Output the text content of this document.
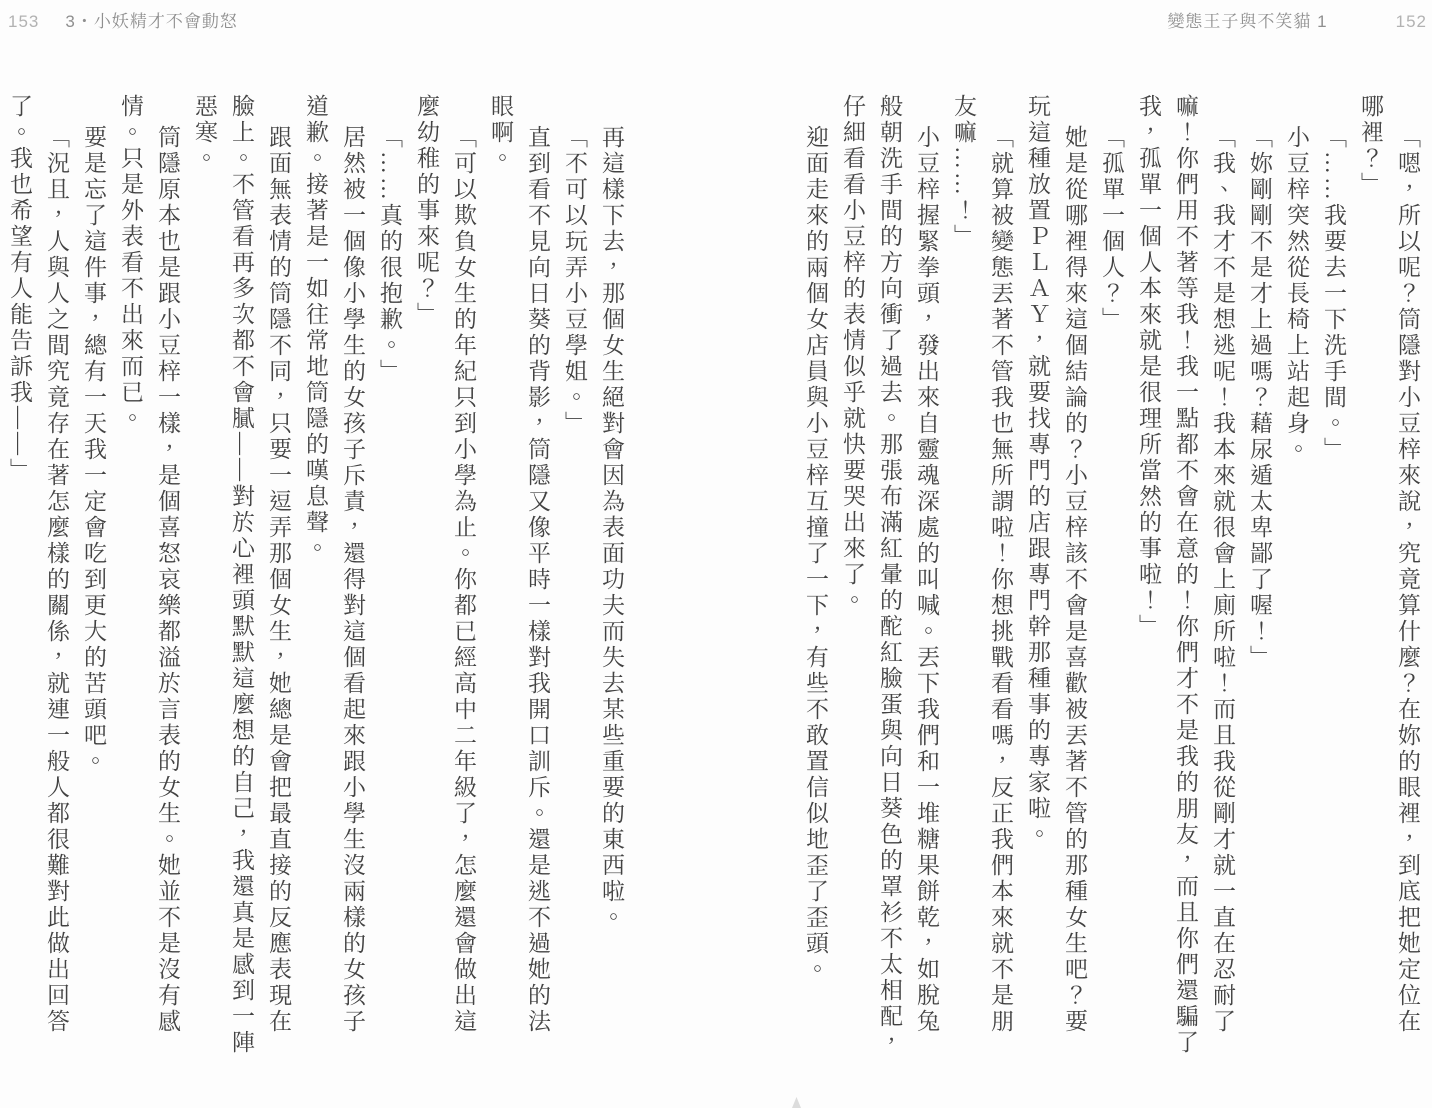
153 3・小妖精才不會動怒

再這樣下去，那個女生絕對會因為表面功夫而失去某些重要的東西啦。

「不可以玩弄小豆學姐。」

直到看不見向日葵的背影，筒隱又像平時一樣對我開口訓斥。還是逃不過她的法眼啊。

「可以欺負女生的年紀只到小學為止。你都已經高中二年級了，怎麼還會做出這麼幼稚的事來呢？」

「……真的很抱歉。」

居然被一個像小學生的女孩子斥責，還得對這個看起來跟小學生沒兩樣的女孩子道歉。接著是一如往常地筒隱的嘆息聲。

跟面無表情的筒隱不同，只要一逗弄那個女生，她總是會把最直接的反應表現在臉上。不管看再多次都不會膩——對於心裡頭默默這麼想的自己，我還真是感到一陣惡寒。

筒隱原本也是跟小豆梓一樣，是個喜怒哀樂都溢於言表的女生。她並不是沒有感情。只是外表看不出來而已。

要是忘了這件事，總有一天我一定會吃到更大的苦頭吧。

「況且，人與人之間究竟存在著怎麼樣的關係，就連一般人都很難對此做出回答了。我也希望有人能告訴我——」

變態王子與不笑貓 1	152

「嗯，所以呢？筒隱對小豆梓來說，究竟算什麼？在妳的眼裡，到底把她定位在哪裡？」

「……我要去一下洗手間。」

小豆梓突然從長椅上站起身。

「妳剛剛不是才上過嗎？藉尿遁太卑鄙了喔！」

「我、我才不是想逃呢！我本來就很會上廁所啦！而且我從剛才就一直在忍耐了嘛！你們用不著等我！我一點都不會在意的！你們才不是我的朋友，而且你們還騙了我，孤單一個人本來就是很理所當然的事啦！」

「孤單一個人？」

她是從哪裡得來這個結論的？小豆梓該不會是喜歡被丟著不管的那種女生吧？要玩這種放置ＰＬＡＹ，就要找專門的店跟專門幹那種事的專家啦。

「就算被變態丟著不管我也無所謂啦！你想挑戰看看嗎，反正我們本來就不是朋友嘛……！」

小豆梓握緊拳頭，發出來自靈魂深處的叫喊。丟下我們和一堆糖果餅乾，如脫兔般朝洗手間的方向衝了過去。那張布滿紅暈的酡紅臉蛋與向日葵色的罩衫不太相配，仔細看看小豆梓的表情似乎就快要哭出來了。

迎面走來的兩個女店員與小豆梓互撞了一下，有些不敢置信似地歪了歪頭。
